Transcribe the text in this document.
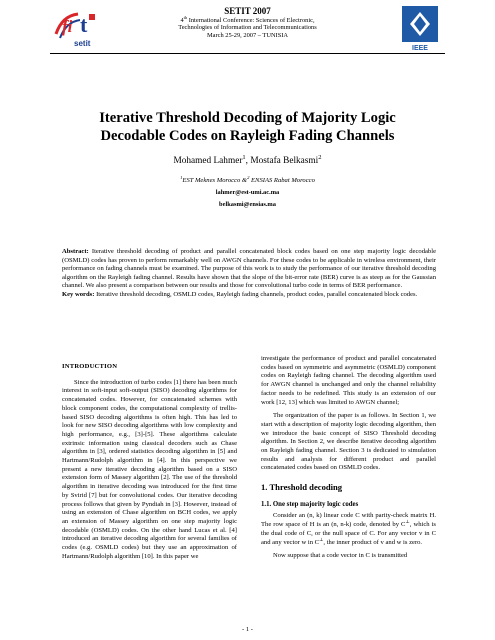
fi t
setit
IEEE
SETIT 2007
4th International Conference: Sciences of Electronic,
Technologies of Information and Telecommunications
March 25-29, 2007 – TUNISIA
Iterative Threshold Decoding of Majority Logic
Decodable Codes on Rayleigh Fading Channels
Mohamed Lahmer$^1$, Mostafa Belkasmi$^2$
$^1$EST Meknes Morocco &$^2$ ENSIAS Rabat Morocco
lahmer@est-umi.ac.ma
belkasmi@ensias.ma
Abstract: Iterative threshold decoding of product and parallel concatenated block codes based on one step majority logic decodable (OSMLD) codes has proven to perform remarkably well on AWGN channels. For these codes to be applicable in wireless environment, their performance on fading channels must be examined. The purpose of this work is to study the performance of our iterative threshold decoding algorithm on the Rayleigh fading channel. Results have shown that the slope of the bit-error rate (BER) curve is as steep as for the Gaussian channel. We also present a comparison between our results and those for convolutional turbo code in terms of BER performance.
Key words: Iterative threshold decoding, OSMLD codes, Rayleigh fading channels, product codes, parallel concatenated block codes.
INTRODUCTION

Since the introduction of turbo codes [1] there has been much interest in soft-input soft-output (SISO) decoding algorithms for concatenated codes. However, for concatenated schemes with block component codes, the computational complexity of trellis-based SISO decoding algorithms is often high. This has led to look for new SISO decoding algorithms with low complexity and high performance, e.g., [3]-[5]. These algorithms calculate extrinsic information using classical decoders such as Chase algorithm in [3], ordered statistics decoding algorithm in [5] and Hartmann/Rudolph algorithm in [4]. In this perspective we present a new iterative decoding algorithm based on a SISO extension form of Massey algorithm [2]. The use of the threshold algorithm in iterative decoding was introduced for the first time by Svirid [7] but for convolutional codes. Our iterative decoding process follows that given by Pyndiah in [3]. However, instead of using an extension of Chase algorithm on BCH codes, we apply an extension of Massey algorithm on one step majority logic decodable (OSMLD) codes. On the other hand Lucas et al. [4] introduced an iterative decoding algorithm for several families of codes (e.g. OSMLD codes) but they use an approximation of Hartmann/Rudolph algorithm [10]. In this paper we

investigate the performance of product and parallel concatenated codes based on symmetric and asymmetric (OSMLD) component codes on Rayleigh fading channel. The decoding algorithm used for AWGN channel is unchanged and only the channel reliability factor needs to be redefined. This study is an extension of our work [12, 13] which was limited to AWGN channel;

The organization of the paper is as follows. In Section 1, we start with a description of majority logic decoding algorithm, then we introduce the basic concept of SISO Threshold decoding algorithm. In Section 2, we describe iterative decoding algorithm on Rayleigh fading channel. Section 3 is dedicated to simulation results and analysis for different product and parallel concatenated codes based on OSMLD codes.

1. Threshold decoding
1.1. One step majority logic codes

Consider an (n, k) linear code C with parity-check matrix H. The row space of H is an (n, n-k) code, denoted by C⊥, which is the dual code of C, or the null space of C. For any vector v in C and any vector w in C⊥, the inner product of v and w is zero.

Now suppose that a code vector in C is transmitted

- 1 -
